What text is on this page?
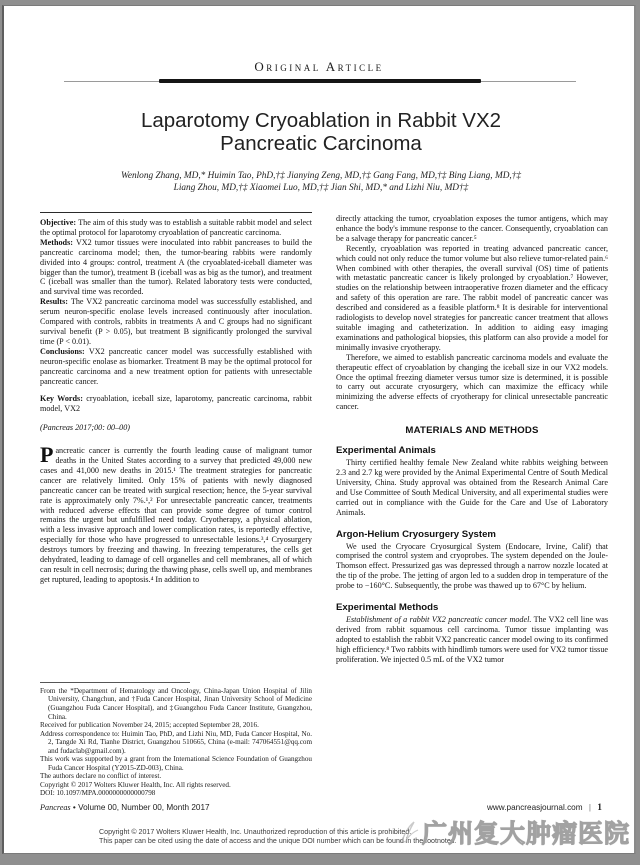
Original Article
Laparotomy Cryoablation in Rabbit VX2
Pancreatic Carcinoma
Wenlong Zhang, MD,* Huimin Tao, PhD,†‡ Jianying Zeng, MD,†‡ Gang Fang, MD,†‡ Bing Liang, MD,†‡
Liang Zhou, MD,†‡ Xiaomei Luo, MD,†‡ Jian Shi, MD,* and Lizhi Niu, MD†‡

Objective: The aim of this study was to establish a suitable rabbit model and select the optimal protocol for laparotomy cryoablation of pancreatic carcinoma.

Methods: VX2 tumor tissues were inoculated into rabbit pancreases to build the pancreatic carcinoma model; then, the tumor-bearing rabbits were randomly divided into 4 groups: control, treatment A (the cryoablated-iceball diameter was bigger than the tumor), treatment B (iceball was as big as the tumor), and treatment C (iceball was smaller than the tumor). Related laboratory tests were conducted, and survival time was recorded.

Results: The VX2 pancreatic carcinoma model was successfully established, and serum neuron-specific enolase levels increased continuously after inoculation. Compared with controls, rabbits in treatments A and C groups had no significant survival benefit (P > 0.05), but treatment B significantly prolonged the survival time (P < 0.01).

Conclusions: VX2 pancreatic cancer model was successfully established with neuron-specific enolase as biomarker. Treatment B may be the optimal protocol for pancreatic carcinoma and a new treatment option for patients with unresectable pancreatic cancer.

Key Words: cryoablation, iceball size, laparotomy, pancreatic carcinoma, rabbit model, VX2

(Pancreas 2017;00: 00–00)

Pancreatic cancer is currently the fourth leading cause of malignant tumor deaths in the United States according to a survey that predicted 49,000 new cases and 41,000 new deaths in 2015.¹ The treatment strategies for pancreatic cancer are relatively limited. Only 15% of patients with newly diagnosed pancreatic cancer can be treated with surgical resection; hence, the 5-year survival rate is approximately only 7%.¹,² For unresectable pancreatic cancer, treatments with reduced adverse effects that can provide some degree of tumor control remains the urgent but unfulfilled need today. Cryotherapy, a physical ablation, with a less invasive approach and lower complication rates, is reportedly effective, especially for those who have progressed to unresectable lesions.³,⁴ Cryosurgery destroys tumors by freezing and thawing. In freezing temperatures, the cells get dehydrated, leading to damage of cell organelles and cell membranes, all of which can result in cell necrosis; during the thawing phase, cells swell up, and membranes get ruptured, leading to apoptosis.⁴ In addition to

From the *Department of Hematology and Oncology, China-Japan Union Hospital of Jilin University, Changchun, and †Fuda Cancer Hospital, Jinan University School of Medicine (Guangzhou Fuda Cancer Hospital), and ‡Guangzhou Fuda Cancer Institute, Guangzhou, China.

Received for publication November 24, 2015; accepted September 28, 2016.

Address correspondence to: Huimin Tao, PhD, and Lizhi Niu, MD, Fuda Cancer Hospital, No. 2, Tangde Xi Rd, Tianhe District, Guangzhou 510665, China (e-mail: 747064551@qq.com and fudaclab@gmail.com).

This work was supported by a grant from the International Science Foundation of Guangzhou Fuda Cancer Hospital (Y2015-ZD-003), China.

The authors declare no conflict of interest.

Copyright © 2017 Wolters Kluwer Health, Inc. All rights reserved.

DOI: 10.1097/MPA.0000000000000798

directly attacking the tumor, cryoablation exposes the tumor antigens, which may enhance the body's immune response to the cancer. Consequently, cryoablation can be a salvage therapy for pancreatic cancer.⁵

Recently, cryoablation was reported in treating advanced pancreatic cancer, which could not only reduce the tumor volume but also relieve tumor-related pain.⁶ When combined with other therapies, the overall survival (OS) time of patients with metastatic pancreatic cancer is likely prolonged by cryoablation.⁷ However, studies on the relationship between intraoperative frozen diameter and the efficacy and safety of this operation are rare. The rabbit model of pancreatic cancer was described and considered as a feasible platform.⁸ It is desirable for interventional radiologists to develop novel strategies for pancreatic cancer treatment that allows suitable imaging and catheterization. In addition to aiding easy imaging examinations and pathological biopsies, this platform can also provide a model for minimally invasive cryotherapy.

Therefore, we aimed to establish pancreatic carcinoma models and evaluate the therapeutic effect of cryoablation by changing the iceball size in our VX2 models. Once the optimal freezing diameter versus tumor size is determined, it is possible to carry out accurate cryosurgery, which can maximize the efficacy while minimizing the adverse effects of cryotherapy for clinical unresectable pancreatic cancer.

MATERIALS AND METHODS
Experimental Animals

Thirty certified healthy female New Zealand white rabbits weighing between 2.3 and 2.7 kg were provided by the Animal Experimental Centre of South Medical University, China. Study approval was obtained from the Research Animal Care and Use Committee of South Medical University, and all experimental studies were carried out in compliance with the Guide for the Care and Use of Laboratory Animals.

Argon-Helium Cryosurgery System

We used the Cryocare Cryosurgical System (Endocare, Irvine, Calif) that comprised the control system and cryoprobes. The system depended on the Joule-Thomson effect. Pressurized gas was depressed through a narrow nozzle located at the tip of the probe. The jetting of argon led to a sudden drop in temperature of the probe to −160°C. Subsequently, the probe was thawed up to 67°C by helium.

Experimental Methods

Establishment of a rabbit VX2 pancreatic cancer model. The VX2 cell line was derived from rabbit squamous cell carcinoma. Tumor tissue implanting was adopted to establish the rabbit VX2 pancreatic cancer model owing to its confirmed high efficiency.⁸ Two rabbits with hindlimb tumors were used for VX2 tumor tissue proliferation. We injected 0.5 mL of the VX2 tumor

Pancreas • Volume 00, Number 00, Month 2017	www.pancreasjournal.com | 1
Copyright © 2017 Wolters Kluwer Health, Inc. Unauthorized reproduction of this article is prohibited.
This paper can be cited using the date of access and the unique DOI number which can be found in the footnotes.
广州复大肿瘤医院
